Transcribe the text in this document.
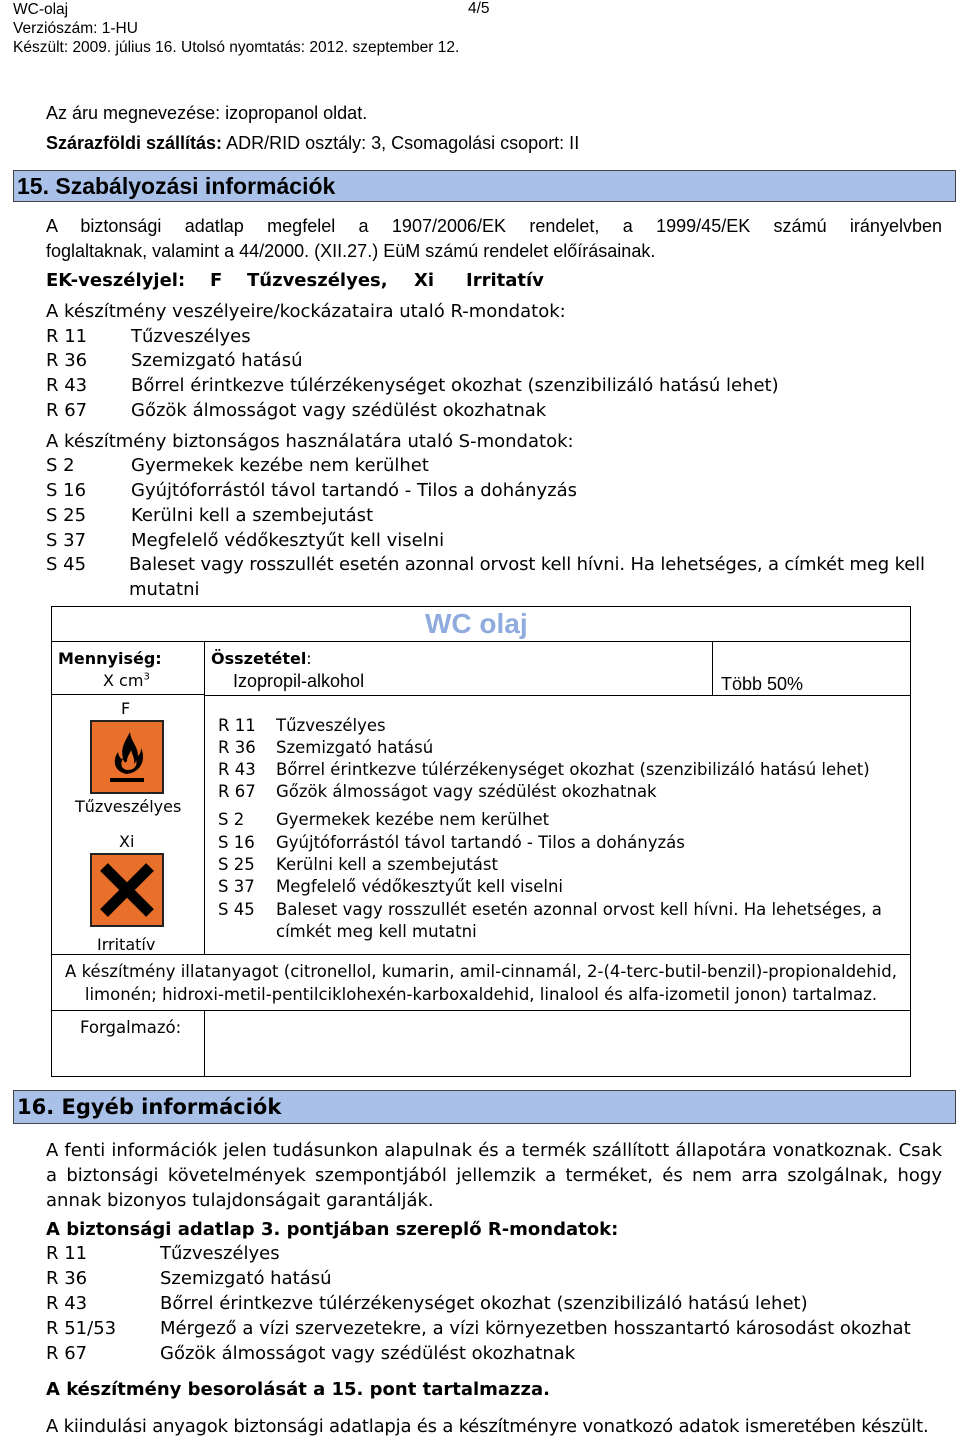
WC-olaj
Verziószám: 1-HU
Készült: 2009. július 16. Utolsó nyomtatás: 2012. szeptember 12.
4/5
Az áru megnevezése: izopropanol oldat.
Szárazföldi szállítás: ADR/RID osztály: 3, Csomagolási csoport: II
15. Szabályozási információk
A biztonsági adatlap megfelel a 1907/2006/EK rendelet, a 1999/45/EK számú irányelvben
foglaltaknak, valamint a 44/2000. (XII.27.) EüM számú rendelet előírásainak.
EK-veszélyjel: F Tűzveszélyes, Xi Irritatív
A készítmény veszélyeire/kockázataira utaló R-mondatok:
R 11 Tűzveszélyes
R 36 Szemizgató hatású
R 43 Bőrrel érintkezve túlérzékenységet okozhat (szenzibilizáló hatású lehet)
R 67 Gőzök álmosságot vagy szédülést okozhatnak
A készítmény biztonságos használatára utaló S-mondatok:
S 2	Gyermekek kezébe nem kerülhet
S 16 Gyújtóforrástól távol tartandó - Tilos a dohányzás
S 25 Kerülni kell a szembejutást
S 37 Megfelelő védőkesztyűt kell viselni
S 45 Baleset vagy rosszullét esetén azonnal orvost kell hívni. Ha lehetséges, a címkét meg kell
mutatni
WC olaj
Mennyiség:
X $cm^3$
Összetétel:
Izopropil-alkohol	Több 50%
F
Tűzveszélyes
Xi
Irritatív
R 11 Tűzveszélyes
R 36 Szemizgató hatású
R 43 Bőrrel érintkezve túlérzékenységet okozhat (szenzibilizáló hatású lehet)
R 67 Gőzök álmosságot vagy szédülést okozhatnak
S 2 Gyermekek kezébe nem kerülhet
S 16 Gyújtóforrástól távol tartandó - Tilos a dohányzás
S 25 Kerülni kell a szembejutást
S 37 Megfelelő védőkesztyűt kell viselni
S 45 Baleset vagy rosszullét esetén azonnal orvost kell hívni. Ha lehetséges, a
címkét meg kell mutatni
A készítmény illatanyagot (citronellol, kumarin, amil-cinnamál, 2-(4-terc-butil-benzil)-propionaldehid,
limonén; hidroxi-metil-pentilciklohexén-karboxaldehid, linalool és alfa-izometil jonon) tartalmaz.
Forgalmazó:
16. Egyéb információk
A fenti információk jelen tudásunkon alapulnak és a termék szállított állapotára vonatkoznak. Csak
a biztonsági követelmények szempontjából jellemzik a terméket, és nem arra szolgálnak, hogy
annak bizonyos tulajdonságait garantálják.
A biztonsági adatlap 3. pontjában szereplő R-mondatok:
R 11	Tűzveszélyes
R 36	Szemizgató hatású
R 43	Bőrrel érintkezve túlérzékenységet okozhat (szenzibilizáló hatású lehet)
R 51/53 Mérgező a vízi szervezetekre, a vízi környezetben hosszantartó károsodást okozhat
R 67	Gőzök álmosságot vagy szédülést okozhatnak
A készítmény besorolását a 15. pont tartalmazza.
A kiindulási anyagok biztonsági adatlapja és a készítményre vonatkozó adatok ismeretében készült.
